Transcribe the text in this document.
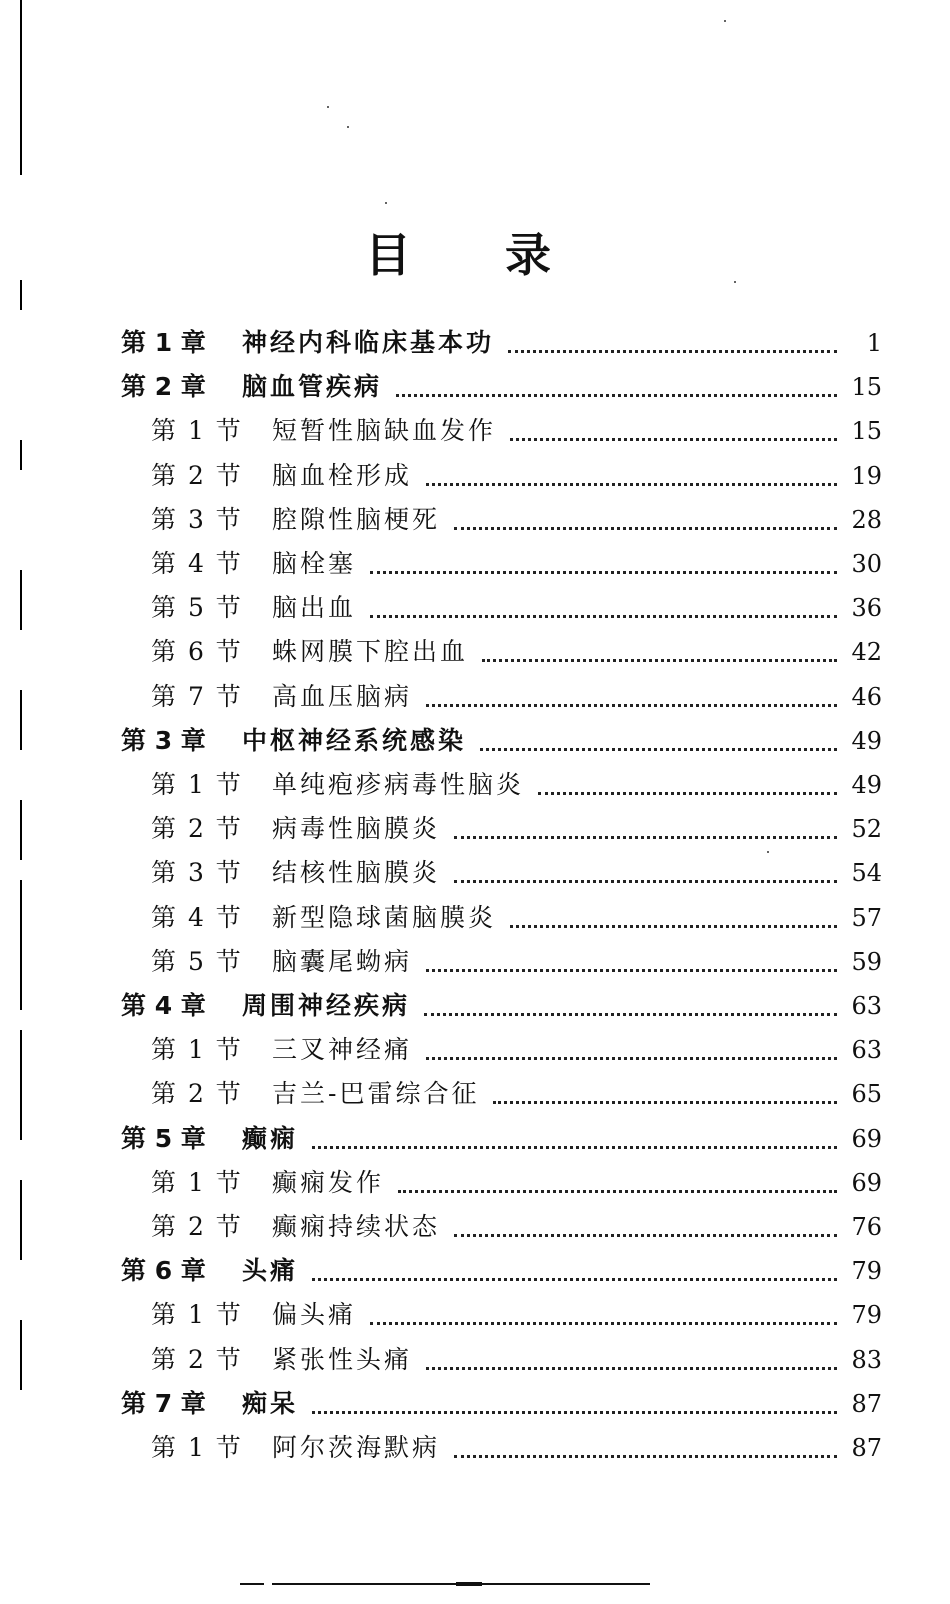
目录
第 1 章 神经内科临床基本功	1
第 2 章 脑血管疾病	15
第 1 节 短暂性脑缺血发作	15
第 2 节 脑血栓形成	19
第 3 节 腔隙性脑梗死	28
第 4 节 脑栓塞	30
第 5 节 脑出血	36
第 6 节 蛛网膜下腔出血	42
第 7 节 高血压脑病	46
第 3 章 中枢神经系统感染	49
第 1 节 单纯疱疹病毒性脑炎	49
第 2 节 病毒性脑膜炎	52
第 3 节 结核性脑膜炎	54
第 4 节 新型隐球菌脑膜炎	57
第 5 节 脑囊尾蚴病	59
第 4 章 周围神经疾病	63
第 1 节 三叉神经痛	63
第 2 节 吉兰-巴雷综合征	65
第 5 章 癫痫	69
第 1 节 癫痫发作	69
第 2 节 癫痫持续状态	76
第 6 章 头痛	79
第 1 节 偏头痛	79
第 2 节 紧张性头痛	83
第 7 章 痴呆	87
第 1 节 阿尔茨海默病	87
